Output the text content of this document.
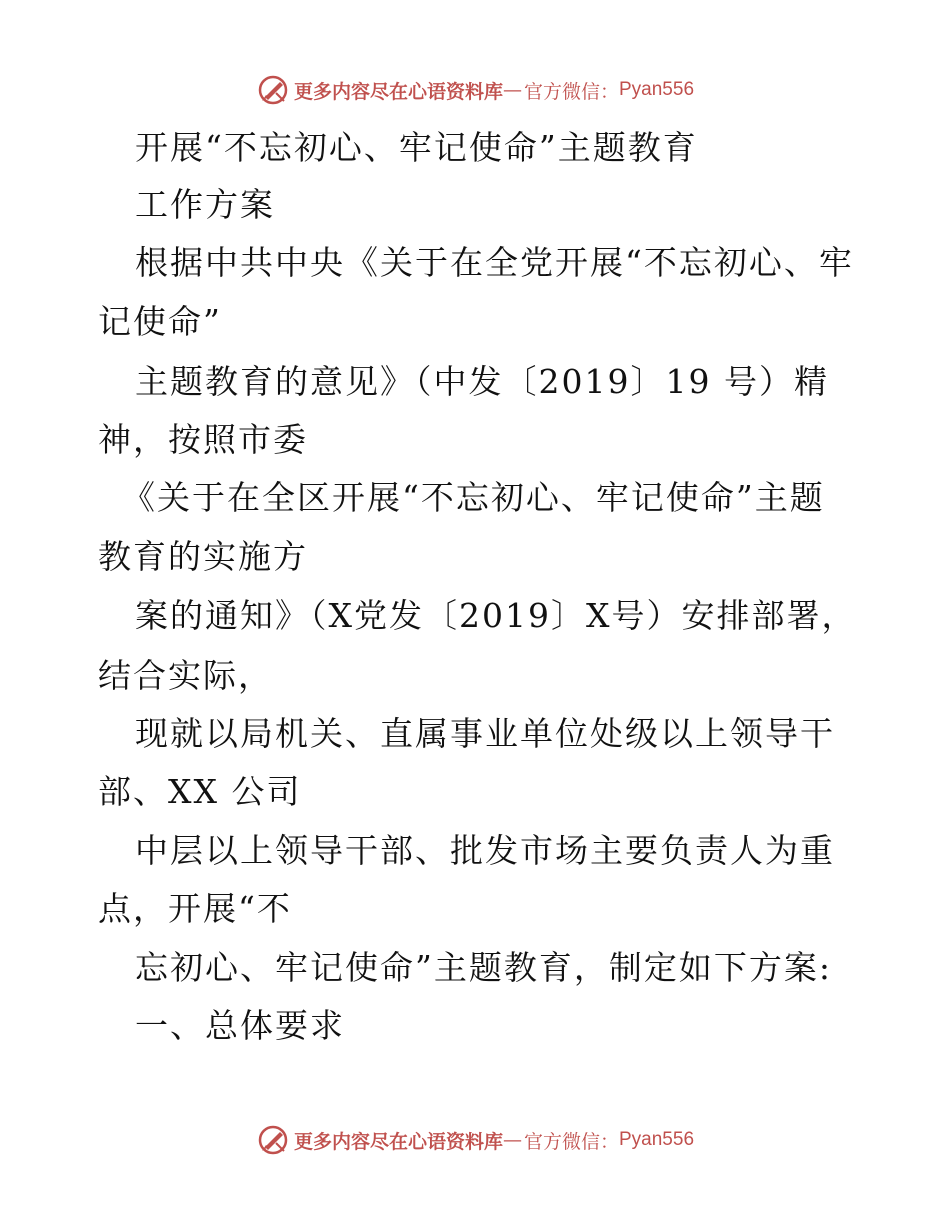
更多内容尽在心语资料库 — 官方微信： Pyan556
开展“不忘初心、牢记使命”主题教育
工作方案
根据中共中央《关于在全党开展“不忘初心、牢
记使命”
主题教育的意见》（中发〔2019〕19 号）精
神，按照市委
《关于在全区开展“不忘初心、牢记使命”主题
教育的实施方
案的通知》（X党发〔2019〕X号）安排部署，
结合实际，
现就以局机关、直属事业单位处级以上领导干
部、XX 公司
中层以上领导干部、批发市场主要负责人为重
点，开展“不
忘初心、牢记使命”主题教育，制定如下方案:
一、总体要求
更多内容尽在心语资料库 — 官方微信： Pyan556
